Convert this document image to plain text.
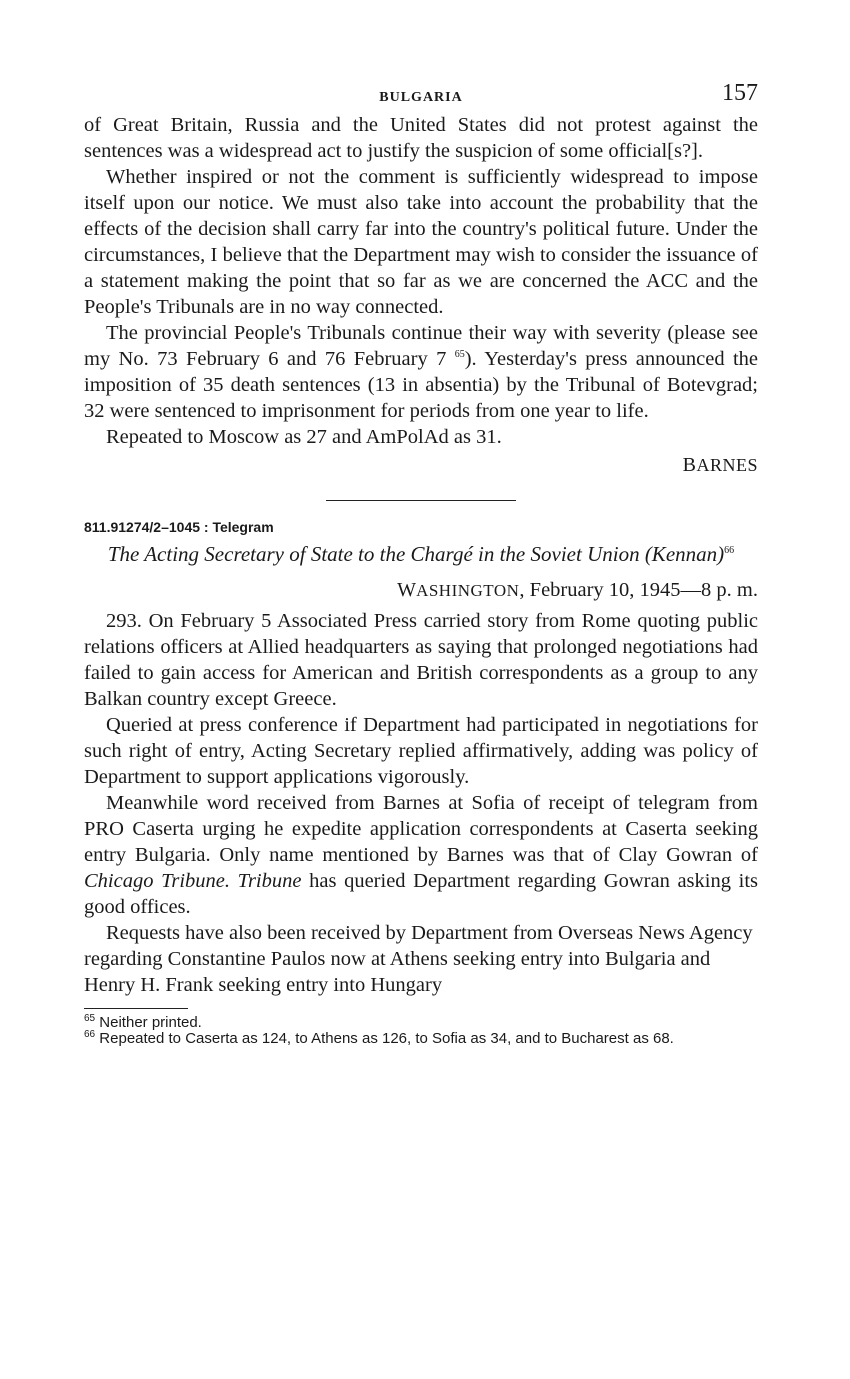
BULGARIA	157

of Great Britain, Russia and the United States did not protest against the sentences was a widespread act to justify the suspicion of some official[s?].

Whether inspired or not the comment is sufficiently widespread to impose itself upon our notice. We must also take into account the probability that the effects of the decision shall carry far into the country's political future. Under the circumstances, I believe that the Department may wish to consider the issuance of a statement making the point that so far as we are concerned the ACC and the People's Tribunals are in no way connected.

The provincial People's Tribunals continue their way with severity (please see my No. 73 February 6 and 76 February 7 $^{65}$). Yesterday's press announced the imposition of 35 death sentences (13 in absentia) by the Tribunal of Botevgrad; 32 were sentenced to imprisonment for periods from one year to life.

Repeated to Moscow as 27 and AmPolAd as 31.

BARNES
811.91274/2–1045 : Telegram
The Acting Secretary of State to the Chargé in the Soviet Union (Kennan)$^{66}$
WASHINGTON, February 10, 1945—8 p. m.

293. On February 5 Associated Press carried story from Rome quoting public relations officers at Allied headquarters as saying that prolonged negotiations had failed to gain access for American and British correspondents as a group to any Balkan country except Greece.

Queried at press conference if Department had participated in negotiations for such right of entry, Acting Secretary replied affirmatively, adding was policy of Department to support applications vigorously.

Meanwhile word received from Barnes at Sofia of receipt of telegram from PRO Caserta urging he expedite application correspondents at Caserta seeking entry Bulgaria. Only name mentioned by Barnes was that of Clay Gowran of Chicago Tribune. Tribune has queried Department regarding Gowran asking its good offices.

Requests have also been received by Department from Overseas News Agency regarding Constantine Paulos now at Athens seeking entry into Bulgaria and Henry H. Frank seeking entry into Hungary

$^{65}$ Neither printed.
$^{66}$ Repeated to Caserta as 124, to Athens as 126, to Sofia as 34, and to Bucharest as 68.
